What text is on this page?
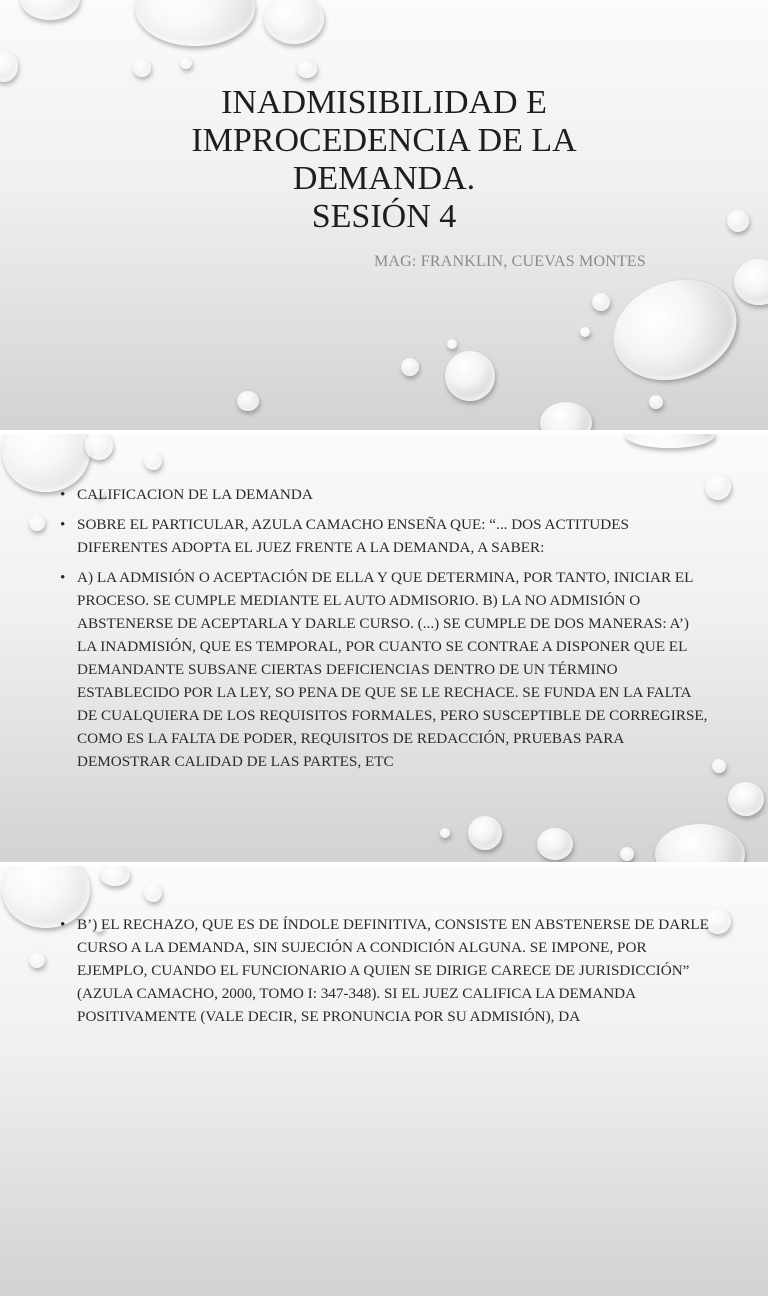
INADMISIBILIDAD E
IMPROCEDENCIA DE LA
DEMANDA.
SESIÓN 4
MAG: FRANKLIN, CUEVAS MONTES
• CALIFICACION DE LA DEMANDA
• SOBRE EL PARTICULAR, AZULA CAMACHO ENSEÑA QUE: “... DOS ACTITUDES DIFERENTES ADOPTA EL JUEZ FRENTE A LA DEMANDA, A SABER:
• A) LA ADMISIÓN O ACEPTACIÓN DE ELLA Y QUE DETERMINA, POR TANTO, INICIAR EL PROCESO. SE CUMPLE MEDIANTE EL AUTO ADMISORIO. B) LA NO ADMISIÓN O ABSTENERSE DE ACEPTARLA Y DARLE CURSO. (...) SE CUMPLE DE DOS MANERAS: A’) LA INADMISIÓN, QUE ES TEMPORAL, POR CUANTO SE CONTRAE A DISPONER QUE EL DEMANDANTE SUBSANE CIERTAS DEFICIENCIAS DENTRO DE UN TÉRMINO ESTABLECIDO POR LA LEY, SO PENA DE QUE SE LE RECHACE. SE FUNDA EN LA FALTA DE CUALQUIERA DE LOS REQUISITOS FORMALES, PERO SUSCEPTIBLE DE CORREGIRSE, COMO ES LA FALTA DE PODER, REQUISITOS DE REDACCIÓN, PRUEBAS PARA DEMOSTRAR CALIDAD DE LAS PARTES, ETC
• B’) EL RECHAZO, QUE ES DE ÍNDOLE DEFINITIVA, CONSISTE EN ABSTENERSE DE DARLE CURSO A LA DEMANDA, SIN SUJECIÓN A CONDICIÓN ALGUNA. SE IMPONE, POR EJEMPLO, CUANDO EL FUNCIONARIO A QUIEN SE DIRIGE CARECE DE JURISDICCIÓN” (AZULA CAMACHO, 2000, TOMO I: 347-348). SI EL JUEZ CALIFICA LA DEMANDA POSITIVAMENTE (VALE DECIR, SE PRONUNCIA POR SU ADMISIÓN), DA
